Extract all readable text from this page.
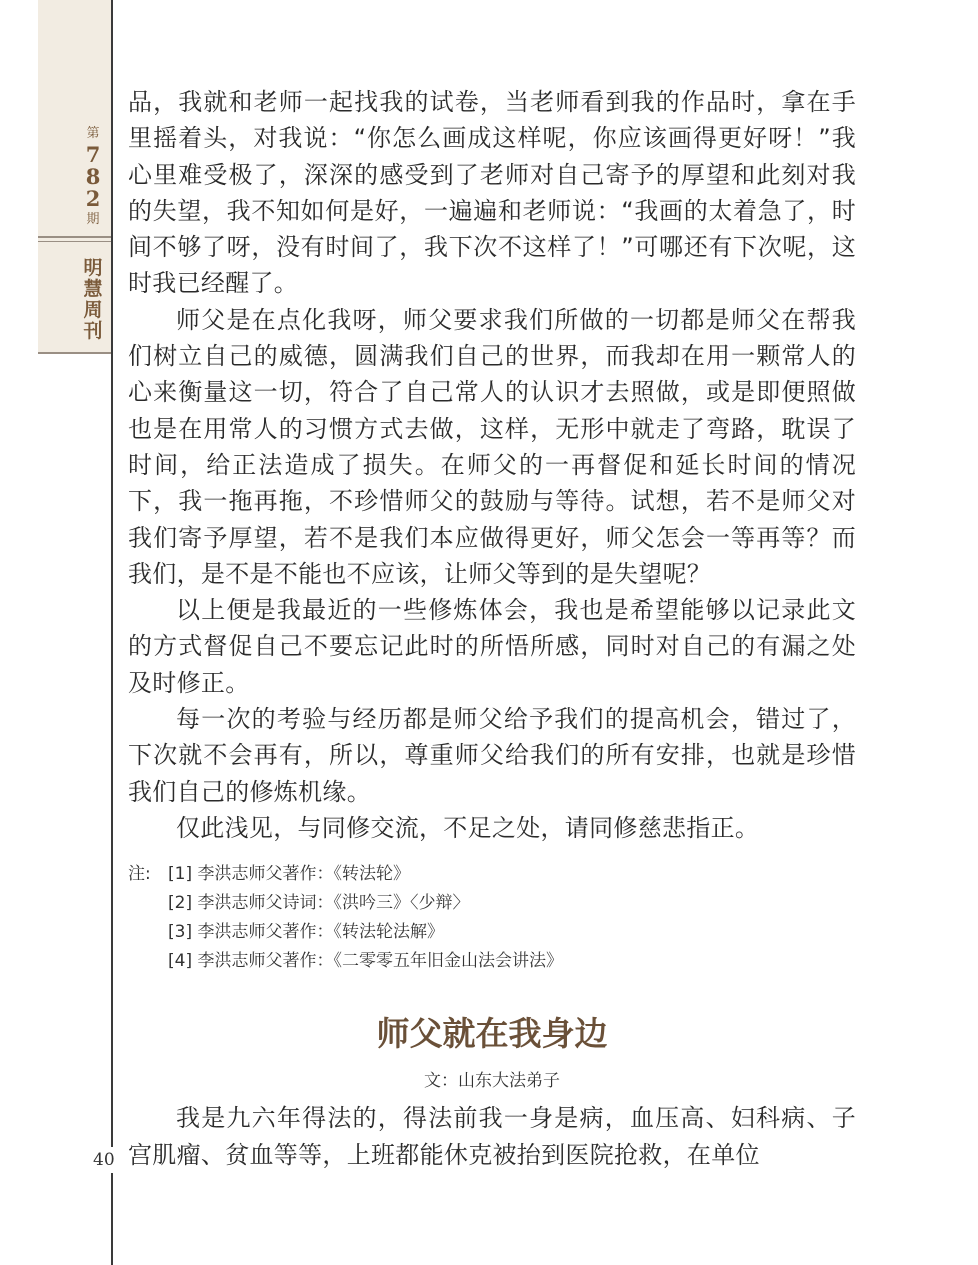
第
7
8
2
期
明
慧
周
刊
40

品，我就和老师一起找我的试卷，当老师看到我的作品时，拿在手里摇着头，对我说：“你怎么画成这样呢，你应该画得更好呀！”我心里难受极了，深深的感受到了老师对自己寄予的厚望和此刻对我的失望，我不知如何是好，一遍遍和老师说：“我画的太着急了，时间不够了呀，没有时间了，我下次不这样了！”可哪还有下次呢，这时我已经醒了。

师父是在点化我呀，师父要求我们所做的一切都是师父在帮我们树立自己的威德，圆满我们自己的世界，而我却在用一颗常人的心来衡量这一切，符合了自己常人的认识才去照做，或是即便照做也是在用常人的习惯方式去做，这样，无形中就走了弯路，耽误了时间，给正法造成了损失。在师父的一再督促和延长时间的情况下，我一拖再拖，不珍惜师父的鼓励与等待。试想，若不是师父对我们寄予厚望，若不是我们本应做得更好，师父怎会一等再等？而我们，是不是不能也不应该，让师父等到的是失望呢？

以上便是我最近的一些修炼体会，我也是希望能够以记录此文的方式督促自己不要忘记此时的所悟所感，同时对自己的有漏之处及时修正。

每一次的考验与经历都是师父给予我们的提高机会，错过了，下次就不会再有，所以，尊重师父给我们的所有安排，也就是珍惜我们自己的修炼机缘。

仅此浅见，与同修交流，不足之处，请同修慈悲指正。

注:	[1] 李洪志师父著作：《转法轮》
[2] 李洪志师父诗词：《洪吟三》〈少辩〉
[3] 李洪志师父著作：《转法轮法解》
[4] 李洪志师父著作：《二零零五年旧金山法会讲法》
师父就在我身边
文：山东大法弟子

我是九六年得法的，得法前我一身是病，血压高、妇科病、子宫肌瘤、贫血等等，上班都能休克被抬到医院抢救，在单位
